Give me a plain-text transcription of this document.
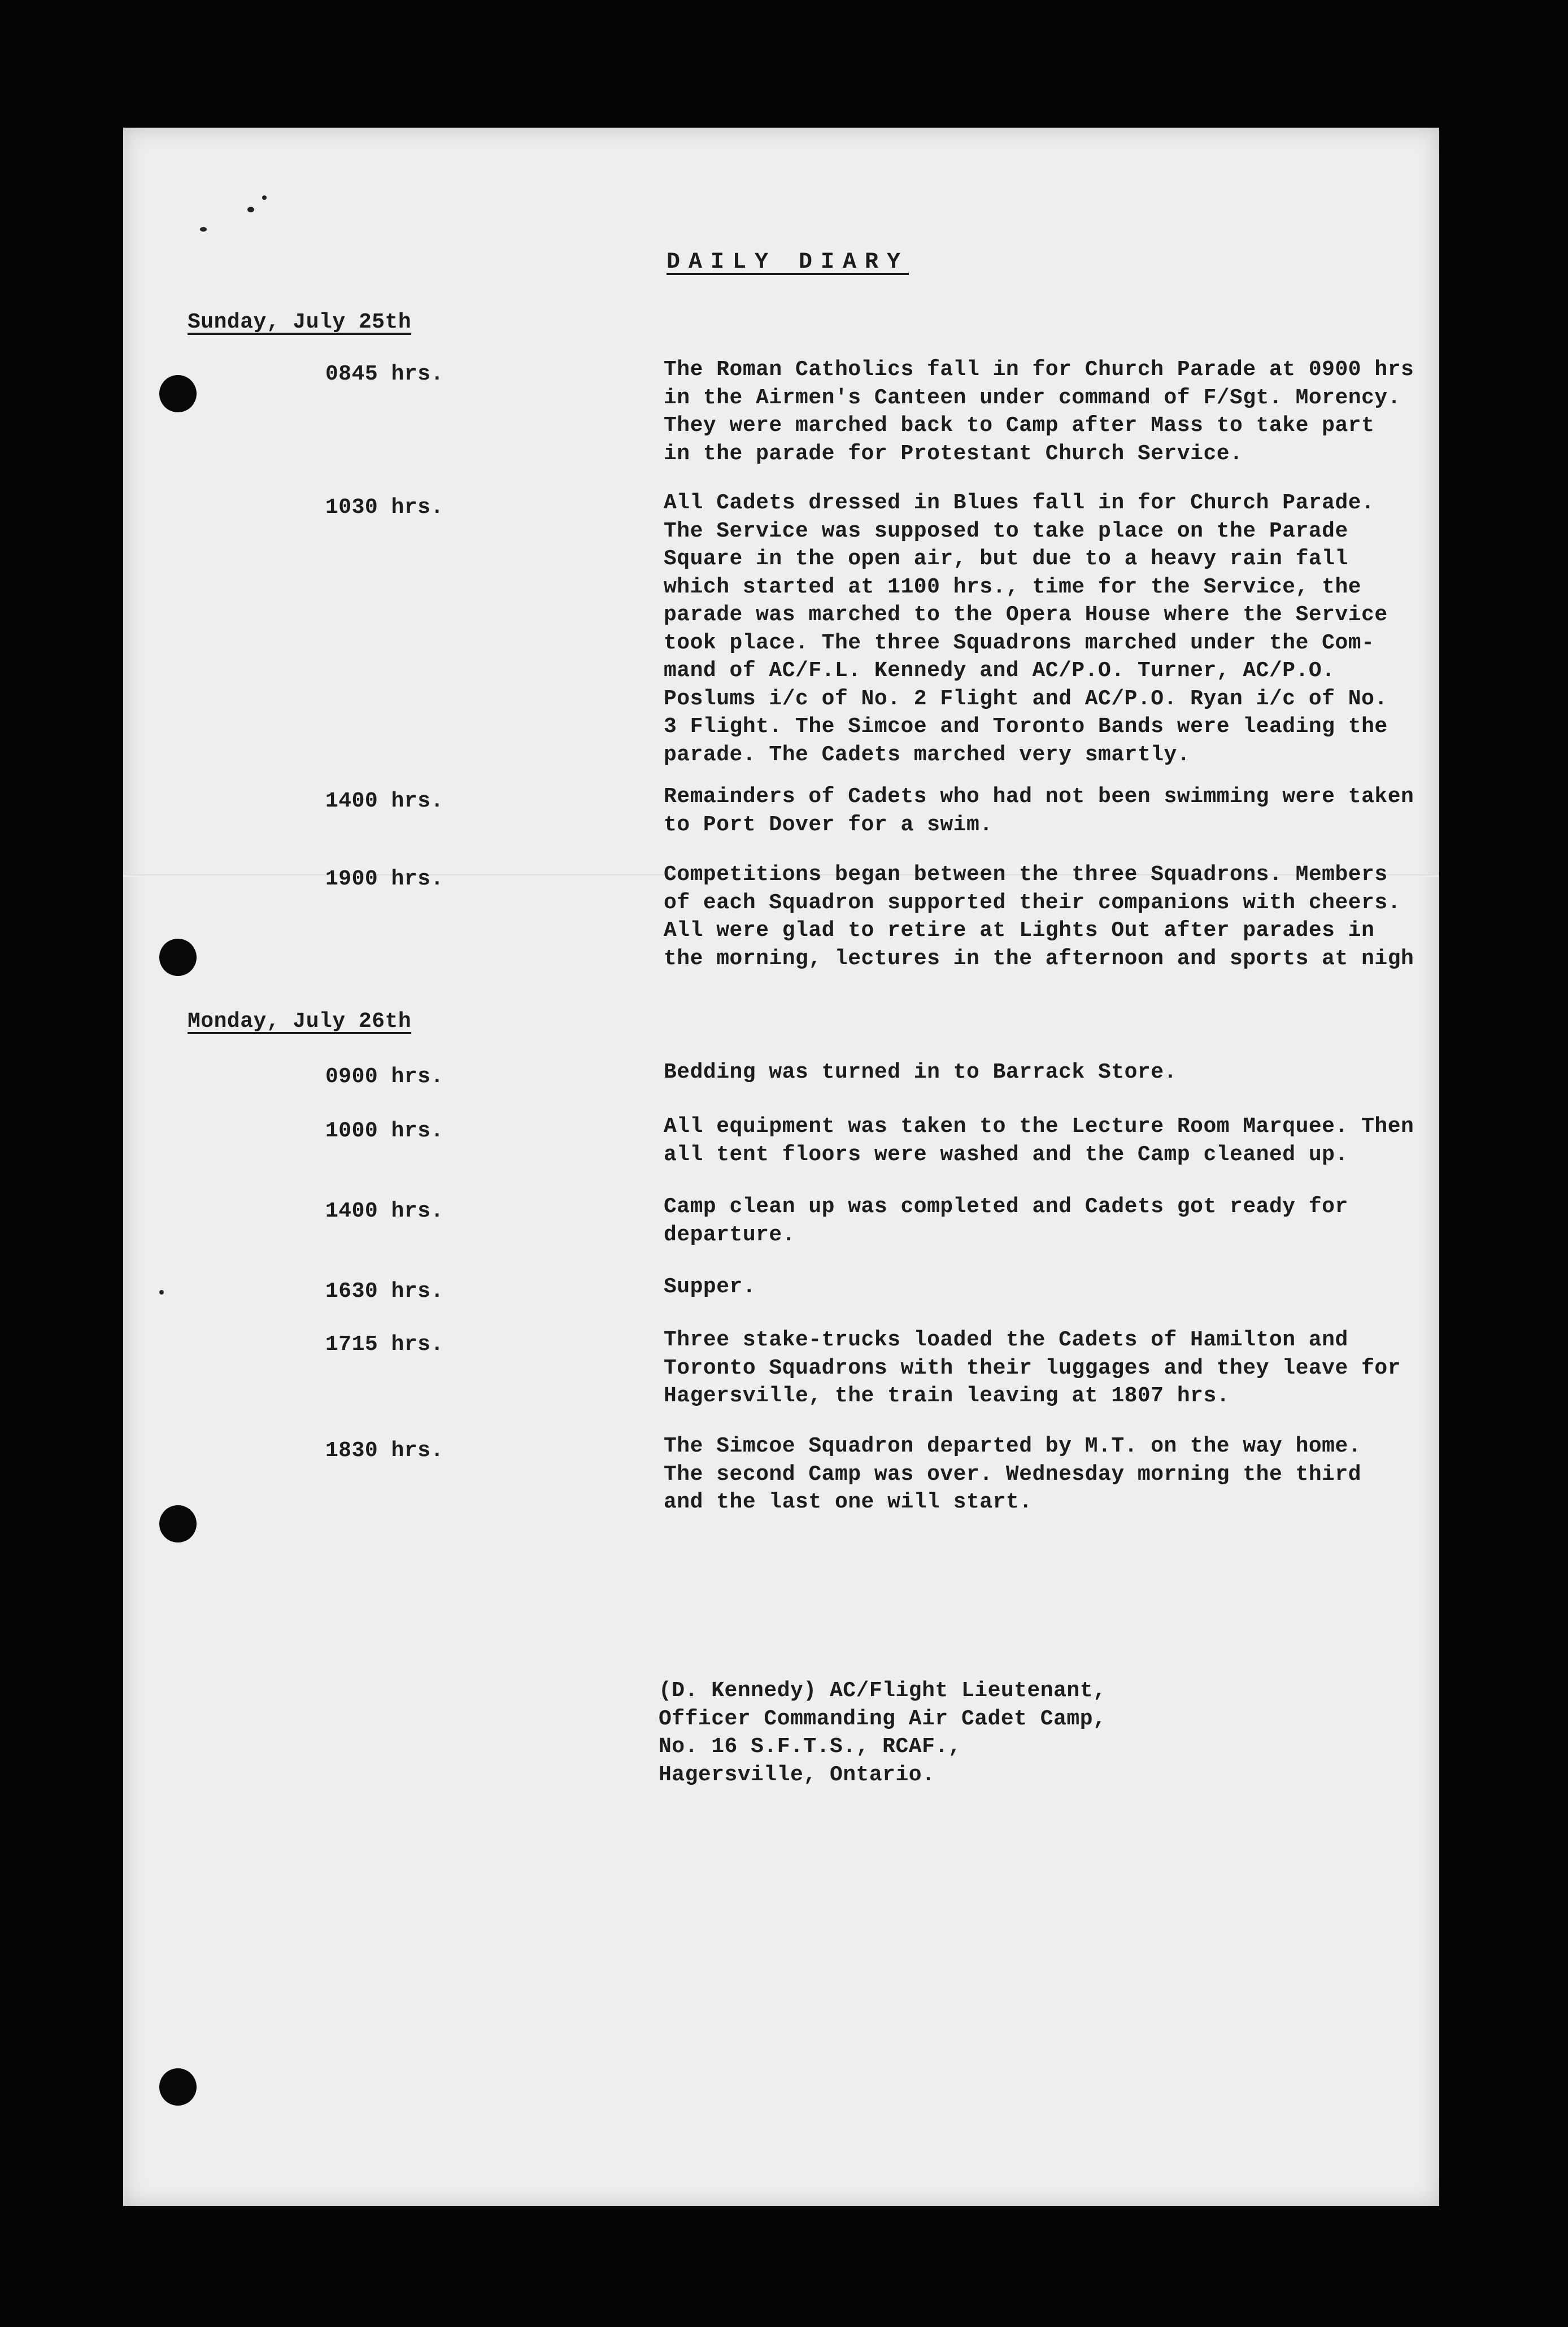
DAILY DIARY
Sunday, July 25th
0845 hrs.	The Roman Catholics fall in for Church Parade at 0900 hrs
in the Airmen's Canteen under command of F/Sgt. Morency.
They were marched back to Camp after Mass to take part
in the parade for Protestant Church Service.
1030 hrs.	All Cadets dressed in Blues fall in for Church Parade.
The Service was supposed to take place on the Parade
Square in the open air, but due to a heavy rain fall
which started at 1100 hrs., time for the Service, the
parade was marched to the Opera House where the Service
took place. The three Squadrons marched under the Com-
mand of AC/F.L. Kennedy and AC/P.O. Turner, AC/P.O.
Poslums i/c of No. 2 Flight and AC/P.O. Ryan i/c of No.
3 Flight. The Simcoe and Toronto Bands were leading the
parade. The Cadets marched very smartly.
1400 hrs.	Remainders of Cadets who had not been swimming were taken
to Port Dover for a swim.
1900 hrs.	Competitions began between the three Squadrons. Members
of each Squadron supported their companions with cheers.
All were glad to retire at Lights Out after parades in
the morning, lectures in the afternoon and sports at nigh
Monday, July 26th
0900 hrs.	Bedding was turned in to Barrack Store.
1000 hrs.	All equipment was taken to the Lecture Room Marquee. Then
all tent floors were washed and the Camp cleaned up.
1400 hrs.	Camp clean up was completed and Cadets got ready for
departure.
1630 hrs.	Supper.
1715 hrs.	Three stake-trucks loaded the Cadets of Hamilton and
Toronto Squadrons with their luggages and they leave for
Hagersville, the train leaving at 1807 hrs.
1830 hrs.	The Simcoe Squadron departed by M.T. on the way home.
The second Camp was over. Wednesday morning the third
and the last one will start.
(D. Kennedy) AC/Flight Lieutenant,
Officer Commanding Air Cadet Camp,
No. 16 S.F.T.S., RCAF.,
Hagersville, Ontario.
